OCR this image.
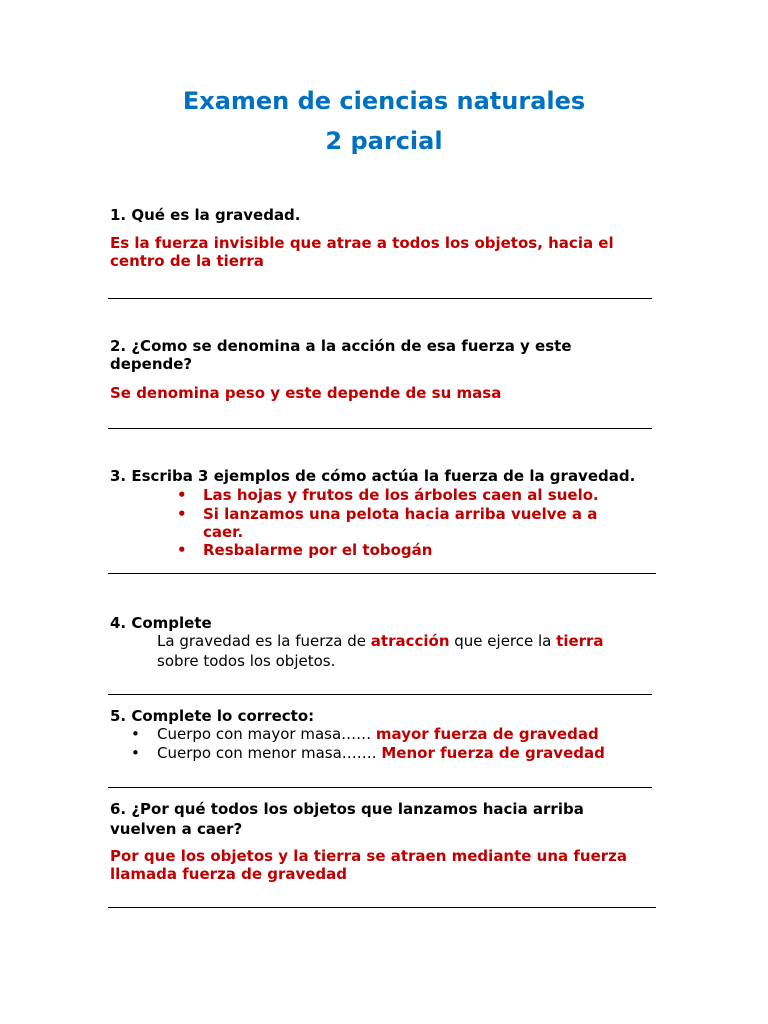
Examen de ciencias naturales
2 parcial
1. Qué es la gravedad.
Es la fuerza invisible que atrae a todos los objetos, hacia el
centro de la tierra
2. ¿Como se denomina a la acción de esa fuerza y este
depende?
Se denomina peso y este depende de su masa
3. Escriba 3 ejemplos de cómo actúa la fuerza de la gravedad.
• Las hojas y frutos de los árboles caen al suelo.
• Si lanzamos una pelota hacia arriba vuelve a a
caer.
• Resbalarme por el tobogán
4. Complete
La gravedad es la fuerza de atracción que ejerce la tierra
sobre todos los objetos.
5. Complete lo correcto:
• Cuerpo con mayor masa…… mayor fuerza de gravedad
• Cuerpo con menor masa……. Menor fuerza de gravedad
6. ¿Por qué todos los objetos que lanzamos hacia arriba
vuelven a caer?
Por que los objetos y la tierra se atraen mediante una fuerza
llamada fuerza de gravedad
